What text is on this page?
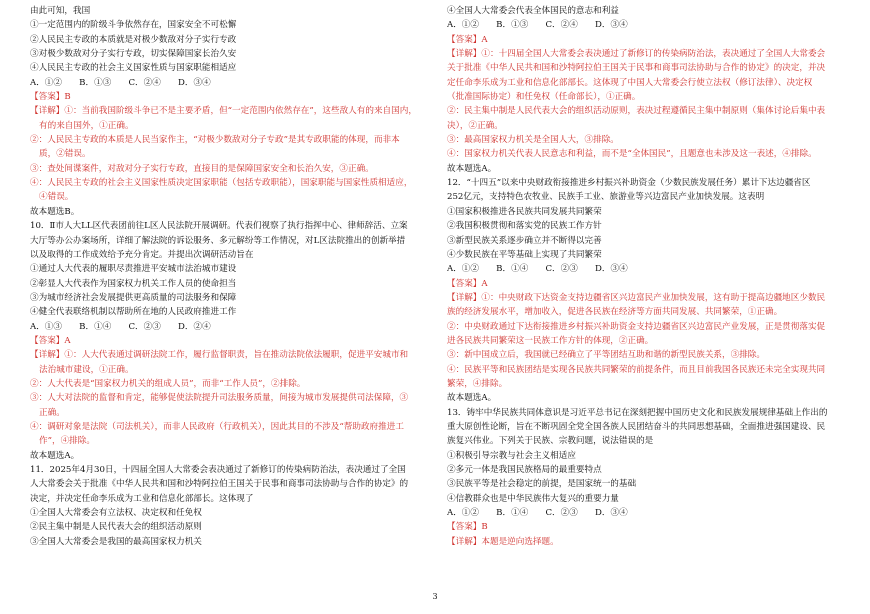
由此可知，我国
①一定范围内的阶级斗争依然存在，国家安全不可松懈
②人民民主专政的本质就是对极少数敌对分子实行专政
③对极少数敌对分子实行专政，切实保障国家长治久安
④人民民主专政的社会主义国家性质与国家职能相适应
A．①②　　B．①③　　C．②④　　D．③④
【答案】B
【详解】①：当前我国阶级斗争已不是主要矛盾，但“一定范围内依然存在”，这些敌人有的来自国内，
有的来自国外，①正确。
②：人民民主专政的本质是人民当家作主，“对极少数敌对分子专政”是其专政职能的体现，而非本
质，②错误。
③：查处间谍案件，对敌对分子实行专政，直接目的是保障国家安全和长治久安，③正确。
④：人民民主专政的社会主义国家性质决定国家职能（包括专政职能），国家职能与国家性质相适应，
④错误。
故本题选B。
10．Ⅱ市人大LL区代表团前往L区人民法院开展调研。代表们视察了执行指挥中心、律师辞活、立案
大厅等办公办案场所，详细了解法院的诉讼服务、多元解纷等工作情况，对L区法院推出的创新举措
以及取得的工作成效给予充分肯定。并提出次调研活动旨在
①通过人大代表的履职尽责推进平安城市法治城市建设
②彰显人大代表作为国家权力机关工作人员的使命担当
③为城市经济社会发展提供更高质量的司法服务和保障
④健全代表联络机制以帮助所在地的人民政府推进工作
A．①③　　B．①④　　C．②③　　D．②④
【答案】A
【详解】①：人大代表通过调研法院工作，履行监督职责，旨在推动法院依法履职，促进平安城市和
法治城市建设，①正确。
②：人大代表是“国家权力机关的组成人员”，而非“工作人员”，②排除。
③：人大对法院的监督和肯定，能够促使法院提升司法服务质量，间接为城市发展提供司法保障，③
正确。
④：调研对象是法院（司法机关），而非人民政府（行政机关），因此其目的不涉及“帮助政府推进工
作”，④排除。
故本题选A。
11．2025年4月30日，十四届全国人大常委会表决通过了新修订的传染病防治法，表决通过了全国
人大常委会关于批准《中华人民共和国和沙特阿拉伯王国关于民事和商事司法协助与合作的协定》的
决定，并决定任命李乐成为工业和信息化部部长。这体现了
①全国人大常委会有立法权、决定权和任免权
②民主集中制是人民代表大会的组织活动原则
③全国人大常委会是我国的最高国家权力机关
④全国人大常委会代表全体国民的意志和利益
A．①②　　B．①③　　C．②④　　D．③④
【答案】A
【详解】①：十四届全国人大常委会表决通过了新修订的传染病防治法，表决通过了全国人大常委会
关于批准《中华人民共和国和沙特阿拉伯王国关于民事和商事司法协助与合作的协定》的决定，并决
定任命李乐成为工业和信息化部部长。这体现了中国人大常委会行使立法权（修订法律）、决定权
（批准国际协定）和任免权（任命部长），①正确。
②：民主集中制是人民代表大会的组织活动原则，表决过程遵循民主集中制原则（集体讨论后集中表
决），②正确。
③：最高国家权力机关是全国人大，③排除。
④：国家权力机关代表人民意志和利益，而不是“全体国民”，且题意也未涉及这一表述，④排除。
故本题选A。
12．“十四五”以来中央财政衔接推进乡村振兴补助资金（少数民族发展任务）累计下达边疆省区
252亿元，支持特色农牧业、民族手工业、旅游业等兴边富民产业加快发展。这表明
①国家积极推进各民族共同发展共同繁荣
②我国积极贯彻和落实党的民族工作方针
③新型民族关系逐步确立并不断得以完善
④少数民族在平等基础上实现了共同繁荣
A．①②　　B．①④　　C．②③　　D．③④
【答案】A
【详解】①：中央财政下达资金支持边疆省区兴边富民产业加快发展，这有助于提高边疆地区少数民
族的经济发展水平，增加收入，促进各民族在经济等方面共同发展、共同繁荣，①正确。
②：中央财政通过下达衔接推进乡村振兴补助资金支持边疆省区兴边富民产业发展，正是贯彻落实促
进各民族共同繁荣这一民族工作方针的体现，②正确。
③：新中国成立后，我国就已经确立了平等团结互助和谐的新型民族关系，③排除。
④：民族平等和民族团结是实现各民族共同繁荣的前提条件，而且目前我国各民族还未完全实现共同
繁荣，④排除。
故本题选A。
13．铸牢中华民族共同体意识是习近平总书记在深刻把握中国历史文化和民族发展规律基础上作出的
重大原创性论断，旨在不断巩固全党全国各族人民团结奋斗的共同思想基础，全面推进强国建设、民
族复兴伟业。下列关于民族、宗教问题，说法错误的是
①积极引导宗教与社会主义相适应
②多元一体是我国民族格局的最重要特点
③民族平等是社会稳定的前提，是国家统一的基础
④信教群众也是中华民族伟大复兴的重要力量
A．①②　　B．①④　　C．②③　　D．③④
【答案】B
【详解】本题是逆向选择题。
3
